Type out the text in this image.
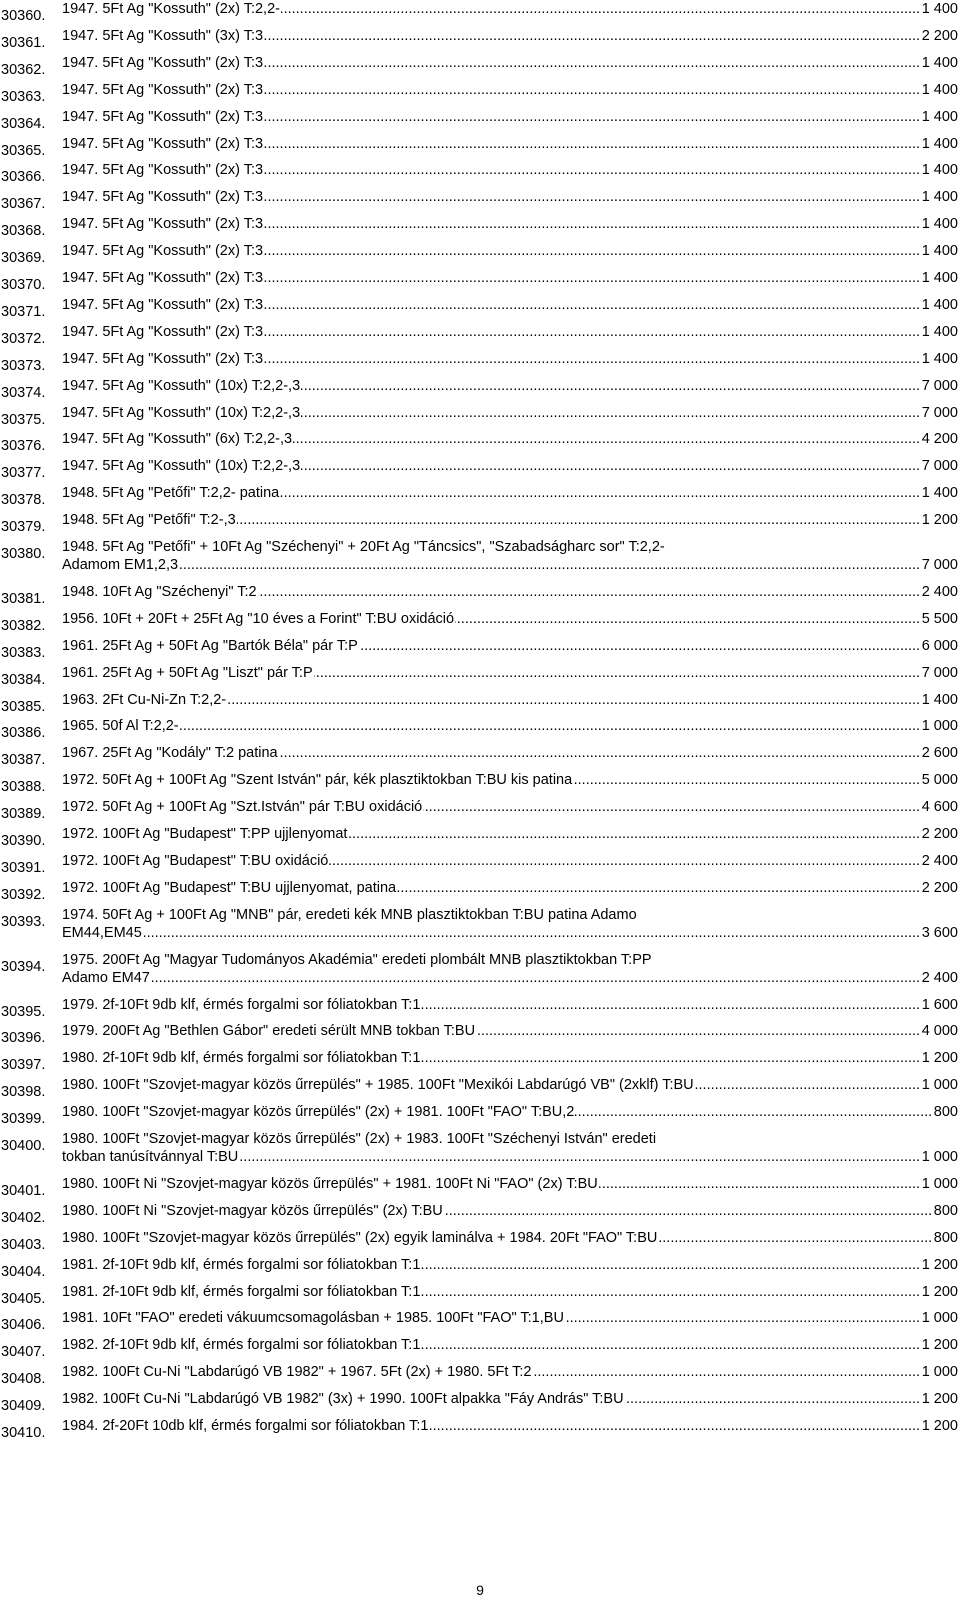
30360. ..... 1947. 5Ft Ag "Kossuth" (2x) T:2,2-	1 400
30361. ..... 1947. 5Ft Ag "Kossuth" (3x) T:3	2 200
30362. ..... 1947. 5Ft Ag "Kossuth" (2x) T:3	1 400
30363. ..... 1947. 5Ft Ag "Kossuth" (2x) T:3	1 400
30364. ..... 1947. 5Ft Ag "Kossuth" (2x) T:3	1 400
30365. ..... 1947. 5Ft Ag "Kossuth" (2x) T:3	1 400
30366. ..... 1947. 5Ft Ag "Kossuth" (2x) T:3	1 400
30367. ..... 1947. 5Ft Ag "Kossuth" (2x) T:3	1 400
30368. ..... 1947. 5Ft Ag "Kossuth" (2x) T:3	1 400
30369. ..... 1947. 5Ft Ag "Kossuth" (2x) T:3	1 400
30370. ..... 1947. 5Ft Ag "Kossuth" (2x) T:3	1 400
30371. ..... 1947. 5Ft Ag "Kossuth" (2x) T:3	1 400
30372. ..... 1947. 5Ft Ag "Kossuth" (2x) T:3	1 400
30373. ..... 1947. 5Ft Ag "Kossuth" (2x) T:3	1 400
30374. ..... 1947. 5Ft Ag "Kossuth" (10x) T:2,2-,3	7 000
30375. ..... 1947. 5Ft Ag "Kossuth" (10x) T:2,2-,3	7 000
30376. ..... 1947. 5Ft Ag "Kossuth" (6x) T:2,2-,3	4 200
30377. ..... 1947. 5Ft Ag "Kossuth" (10x) T:2,2-,3	7 000
30378. ..... 1948. 5Ft Ag "Petőfi" T:2,2- patina	1 400
30379. ..... 1948. 5Ft Ag "Petőfi" T:2-,3	1 200
30380. 1948. 5Ft Ag "Petőfi" + 10Ft Ag "Széchenyi" + 20Ft Ag "Táncsics", "Szabadságharc sor" T:2,2-
..... Adamom EM1,2,3	7 000
30381. ..... 1948. 10Ft Ag "Széchenyi" T:2	2 400
30382. ..... 1956. 10Ft + 20Ft + 25Ft Ag "10 éves a Forint" T:BU oxidáció	5 500
30383. ..... 1961. 25Ft Ag + 50Ft Ag "Bartók Béla" pár T:P	6 000
30384. ..... 1961. 25Ft Ag + 50Ft Ag "Liszt" pár T:P	7 000
30385. ..... 1963. 2Ft Cu-Ni-Zn T:2,2-	1 400
30386. ..... 1965. 50f Al T:2,2-	1 000
30387. ..... 1967. 25Ft Ag "Kodály" T:2 patina	2 600
30388. ..... 1972. 50Ft Ag + 100Ft Ag "Szent István" pár, kék plasztiktokban T:BU kis patina	5 000
30389. ..... 1972. 50Ft Ag + 100Ft Ag "Szt.István" pár T:BU oxidáció	4 600
30390. ..... 1972. 100Ft Ag "Budapest" T:PP ujjlenyomat	2 200
30391. ..... 1972. 100Ft Ag "Budapest" T:BU oxidáció	2 400
30392. ..... 1972. 100Ft Ag "Budapest" T:BU ujjlenyomat, patina	2 200
30393. 1974. 50Ft Ag + 100Ft Ag "MNB" pár, eredeti kék MNB plasztiktokban T:BU patina Adamo
..... EM44,EM45	3 600
30394. 1975. 200Ft Ag "Magyar Tudományos Akadémia" eredeti plombált MNB plasztiktokban T:PP
..... Adamo EM47	2 400
30395. ..... 1979. 2f-10Ft 9db klf, érmés forgalmi sor fóliatokban T:1	1 600
30396. ..... 1979. 200Ft Ag "Bethlen Gábor" eredeti sérült MNB tokban T:BU	4 000
30397. ..... 1980. 2f-10Ft 9db klf, érmés forgalmi sor fóliatokban T:1	1 200
30398. ..... 1980. 100Ft "Szovjet-magyar közös űrrepülés" + 1985. 100Ft "Mexikói Labdarúgó VB" (2xklf) T:BU	1 000
30399. ..... 1980. 100Ft "Szovjet-magyar közös űrrepülés" (2x) + 1981. 100Ft "FAO" T:BU,2	800
30400. 1980. 100Ft "Szovjet-magyar közös űrrepülés" (2x) + 1983. 100Ft "Széchenyi István" eredeti
..... tokban tanúsítvánnyal T:BU	1 000
30401. ..... 1980. 100Ft Ni "Szovjet-magyar közös űrrepülés" + 1981. 100Ft Ni "FAO" (2x) T:BU	1 000
30402. ..... 1980. 100Ft Ni "Szovjet-magyar közös űrrepülés" (2x) T:BU	800
30403. ..... 1980. 100Ft "Szovjet-magyar közös űrrepülés" (2x) egyik laminálva + 1984. 20Ft "FAO" T:BU	800
30404. ..... 1981. 2f-10Ft 9db klf, érmés forgalmi sor fóliatokban T:1	1 200
30405. ..... 1981. 2f-10Ft 9db klf, érmés forgalmi sor fóliatokban T:1	1 200
30406. ..... 1981. 10Ft "FAO" eredeti vákuumcsomagolásban + 1985. 100Ft "FAO" T:1,BU	1 000
30407. ..... 1982. 2f-10Ft 9db klf, érmés forgalmi sor fóliatokban T:1	1 200
30408. ..... 1982. 100Ft Cu-Ni "Labdarúgó VB 1982" + 1967. 5Ft (2x) + 1980. 5Ft T:2	1 000
30409. ..... 1982. 100Ft Cu-Ni "Labdarúgó VB 1982" (3x) + 1990. 100Ft alpakka "Fáy András" T:BU	1 200
30410. ..... 1984. 2f-20Ft 10db klf, érmés forgalmi sor fóliatokban T:1	1 200
9
